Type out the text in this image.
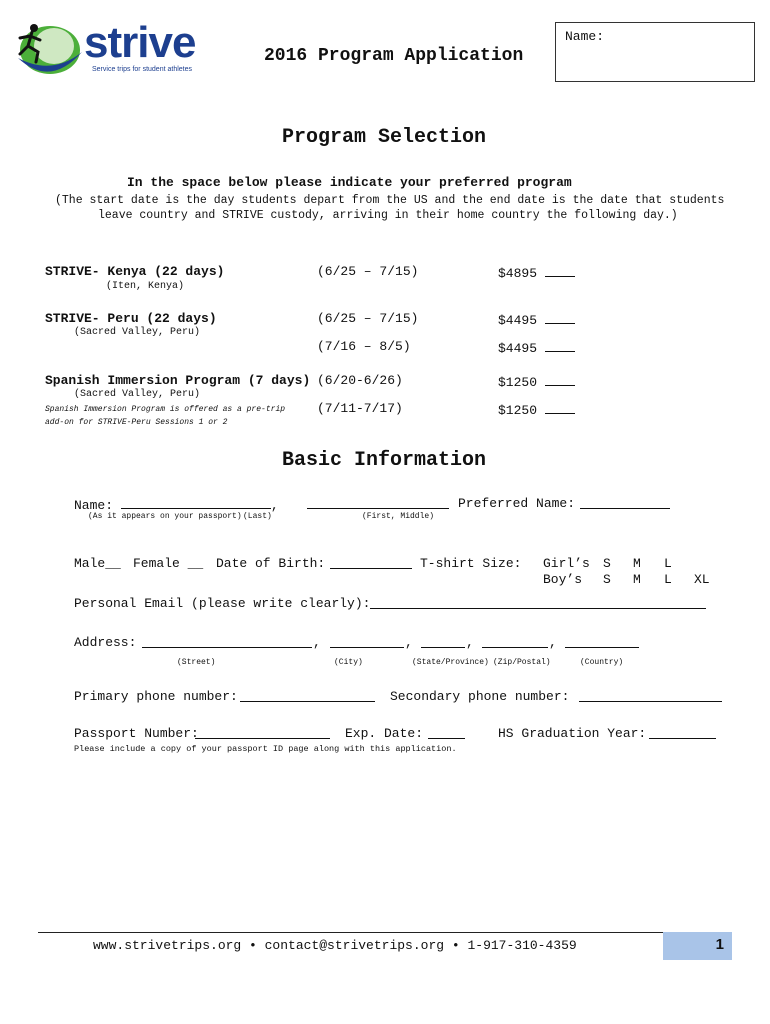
strive
Service trips for student athletes
2016 Program Application
Name:
Program Selection
In the space below please indicate your preferred program
(The start date is the day students depart from the US and the end date is the date that students
leave country and STRIVE custody, arriving in their home country the following day.)
STRIVE- Kenya (22 days)
(Iten, Kenya)
(6/25 – 7/15)	$4895
STRIVE- Peru (22 days)
(Sacred Valley, Peru)
(6/25 – 7/15)	$4495
(7/16 – 8/5)	$4495
Spanish Immersion Program (7 days)
(Sacred Valley, Peru)
Spanish Immersion Program is offered as a pre-trip
add-on for STRIVE-Peru Sessions 1 or 2
(6/20-6/26)	$1250
(7/11-7/17)	$1250
Basic Information
Name:	,	Preferred Name:
(As it appears on your passport) (Last)	(First, Middle)
Male__ Female __ Date of Birth:	T-shirt Size: Girl’s S M L
Boy’s S M L XL
Personal Email (please write clearly):
Address:	,	,	,	,
(Street)	(City)	(State/Province) (Zip/Postal)	(Country)
Primary phone number:	Secondary phone number:
Passport Number:	Exp. Date:	HS Graduation Year:
Please include a copy of your passport ID page along with this application.
www.strivetrips.org • contact@strivetrips.org • 1-917-310-4359	1
